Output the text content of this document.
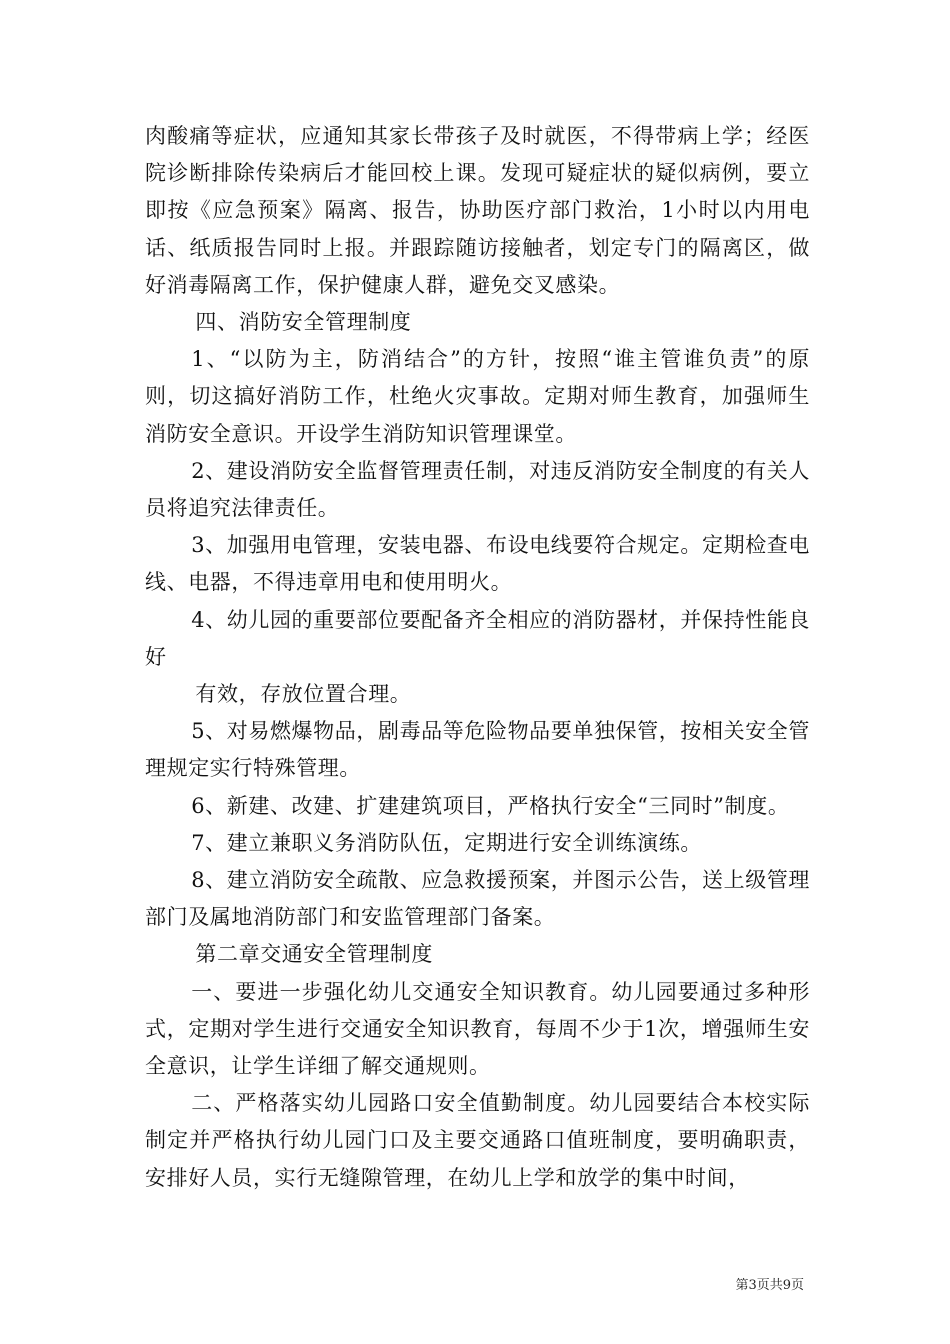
肉酸痛等症状，应通知其家长带孩子及时就医，不得带病上学；经医院诊断排除传染病后才能回校上课。发现可疑症状的疑似病例，要立即按《应急预案》隔离、报告，协助医疗部门救治，1小时以内用电话、纸质报告同时上报。并跟踪随访接触者，划定专门的隔离区，做好消毒隔离工作，保护健康人群，避免交叉感染。

四、消防安全管理制度

1、“以防为主，防消结合”的方针，按照“谁主管谁负责”的原则，切这搞好消防工作，杜绝火灾事故。定期对师生教育，加强师生消防安全意识。开设学生消防知识管理课堂。

2、建设消防安全监督管理责任制，对违反消防安全制度的有关人员将追究法律责任。

3、加强用电管理，安装电器、布设电线要符合规定。定期检查电线、电器，不得违章用电和使用明火。

4、幼儿园的重要部位要配备齐全相应的消防器材，并保持性能良好

有效，存放位置合理。

5、对易燃爆物品，剧毒品等危险物品要单独保管，按相关安全管理规定实行特殊管理。

6、新建、改建、扩建建筑项目，严格执行安全“三同时”制度。

7、建立兼职义务消防队伍，定期进行安全训练演练。

8、建立消防安全疏散、应急救援预案，并图示公告，送上级管理部门及属地消防部门和安监管理部门备案。

第二章交通安全管理制度

一、要进一步强化幼儿交通安全知识教育。幼儿园要通过多种形式，定期对学生进行交通安全知识教育，每周不少于1次，增强师生安全意识，让学生详细了解交通规则。

二、严格落实幼儿园路口安全值勤制度。幼儿园要结合本校实际制定并严格执行幼儿园门口及主要交通路口值班制度，要明确职责，安排好人员，实行无缝隙管理，在幼儿上学和放学的集中时间，

第3页共9页
